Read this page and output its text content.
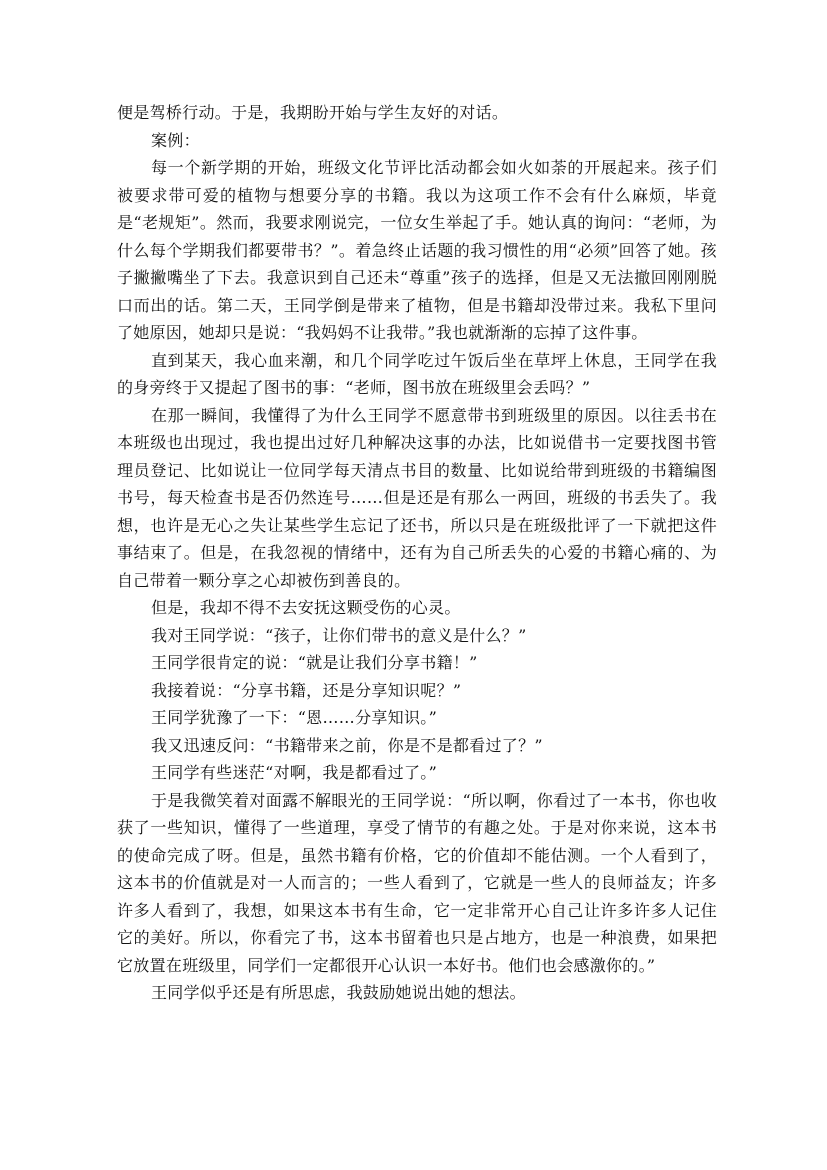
便是驾桥行动。于是，我期盼开始与学生友好的对话。

案例：

每一个新学期的开始，班级文化节评比活动都会如火如荼的开展起来。孩子们被要求带可爱的植物与想要分享的书籍。我以为这项工作不会有什么麻烦，毕竟是“老规矩”。然而，我要求刚说完，一位女生举起了手。她认真的询问：“老师，为什么每个学期我们都要带书？”。着急终止话题的我习惯性的用“必须”回答了她。孩子撇撇嘴坐了下去。我意识到自己还未“尊重”孩子的选择，但是又无法撤回刚刚脱口而出的话。第二天，王同学倒是带来了植物，但是书籍却没带过来。我私下里问了她原因，她却只是说：“我妈妈不让我带。”我也就渐渐的忘掉了这件事。

直到某天，我心血来潮，和几个同学吃过午饭后坐在草坪上休息，王同学在我的身旁终于又提起了图书的事：“老师，图书放在班级里会丢吗？”

在那一瞬间，我懂得了为什么王同学不愿意带书到班级里的原因。以往丢书在本班级也出现过，我也提出过好几种解决这事的办法，比如说借书一定要找图书管理员登记、比如说让一位同学每天清点书目的数量、比如说给带到班级的书籍编图书号，每天检查书是否仍然连号……但是还是有那么一两回，班级的书丢失了。我想，也许是无心之失让某些学生忘记了还书，所以只是在班级批评了一下就把这件事结束了。但是，在我忽视的情绪中，还有为自己所丢失的心爱的书籍心痛的、为自己带着一颗分享之心却被伤到善良的。

但是，我却不得不去安抚这颗受伤的心灵。

我对王同学说：“孩子，让你们带书的意义是什么？”

王同学很肯定的说：“就是让我们分享书籍！”

我接着说：“分享书籍，还是分享知识呢？”

王同学犹豫了一下：“恩……分享知识。”

我又迅速反问：“书籍带来之前，你是不是都看过了？”

王同学有些迷茫“对啊，我是都看过了。”

于是我微笑着对面露不解眼光的王同学说：“所以啊，你看过了一本书，你也收获了一些知识，懂得了一些道理，享受了情节的有趣之处。于是对你来说，这本书的使命完成了呀。但是，虽然书籍有价格，它的价值却不能估测。一个人看到了，这本书的价值就是对一人而言的；一些人看到了，它就是一些人的良师益友；许多许多人看到了，我想，如果这本书有生命，它一定非常开心自己让许多许多人记住它的美好。所以，你看完了书，这本书留着也只是占地方，也是一种浪费，如果把它放置在班级里，同学们一定都很开心认识一本好书。他们也会感激你的。”

王同学似乎还是有所思虑，我鼓励她说出她的想法。
